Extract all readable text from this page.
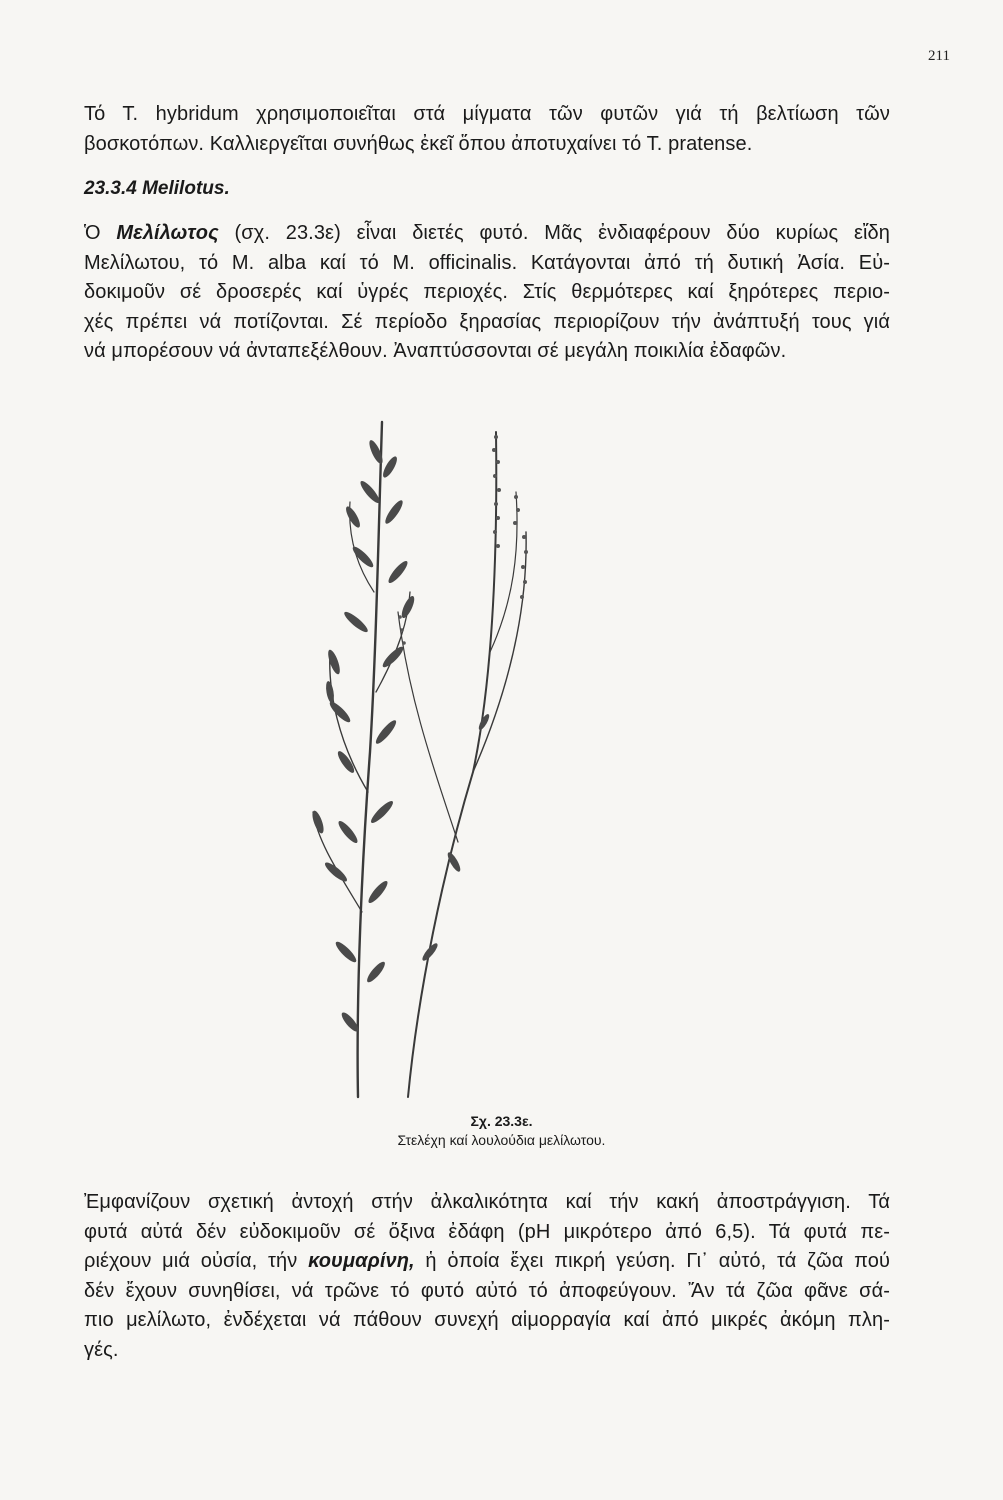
211

Τό Τ. hybridum χρησιμοποιεῖται στά μίγματα τῶν φυτῶν γιά τή βελτίωση τῶν
βοσκοτόπων. Καλλιεργεῖται συνήθως ἐκεῖ ὅπου ἀποτυχαίνει τό Τ. pratense.

23.3.4 Melilotus.

Ὁ Μελίλωτος (σχ. 23.3ε) εἶναι διετές φυτό. Μᾶς ἐνδιαφέρουν δύο κυρίως εἴδη
Μελίλωτου, τό M. alba καί τό M. officinalis. Κατάγονται ἀπό τή δυτική Ἀσία. Εὐ-
δοκιμοῦν σέ δροσερές καί ὑγρές περιοχές. Στίς θερμότερες καί ξηρότερες περιο-
χές πρέπει νά ποτίζονται. Σέ περίοδο ξηρασίας περιορίζουν τήν ἀνάπτυξή τους γιά
νά μπορέσουν νά ἀνταπεξέλθουν. Ἀναπτύσσονται σέ μεγάλη ποικιλία ἐδαφῶν.

Σχ. 23.3ε.

Στελέχη καί λουλούδια μελίλωτου.

Ἐμφανίζουν σχετική ἀντοχή στήν ἀλκαλικότητα καί τήν κακή ἀποστράγγιση. Τά
φυτά αὐτά δέν εὐδοκιμοῦν σέ ὄξινα ἐδάφη (pH μικρότερο ἀπό 6,5). Τά φυτά πε-
ριέχουν μιά οὐσία, τήν κουμαρίνη, ἡ ὁποία ἔχει πικρή γεύση. Γι᾽ αὐτό, τά ζῶα πού
δέν ἔχουν συνηθίσει, νά τρῶνε τό φυτό αὐτό τό ἀποφεύγουν. Ἄν τά ζῶα φᾶνε σά-
πιο μελίλωτο, ἐνδέχεται νά πάθουν συνεχή αἱμορραγία καί ἀπό μικρές ἀκόμη πλη-
γές.
